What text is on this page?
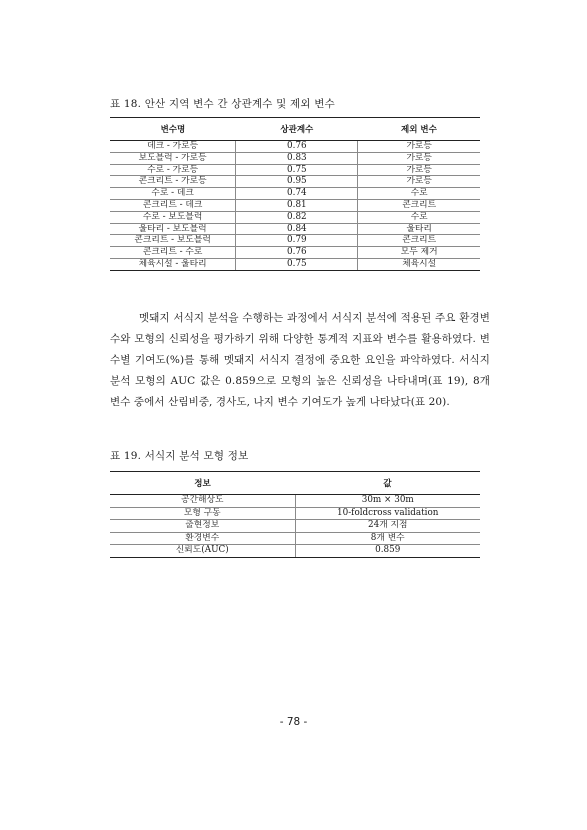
표 18. 안산 지역 변수 간 상관계수 및 제외 변수
변수명	상관계수	제외 변수
데크 - 가로등	0.76	가로등
보도블럭 - 가로등	0.83	가로등
수로 - 가로등	0.75	가로등
콘크리트 - 가로등	0.95	가로등
수로 - 데크	0.74	수로
콘크리트 - 데크	0.81	콘크리트
수로 - 보도블럭	0.82	수로
울타리 - 보도블럭	0.84	울타리
콘크리트 - 보도블럭	0.79	콘크리트
콘크리트 - 수로	0.76	모두 제거
체육시설 - 울타리	0.75	체육시설

멧돼지 서식지 분석을 수행하는 과정에서 서식지 분석에 적용된 주요 환경변수와 모형의 신뢰성을 평가하기 위해 다양한 통계적 지표와 변수를 활용하였다. 변수별 기여도(%)를 통해 멧돼지 서식지 결정에 중요한 요인을 파악하였다. 서식지 분석 모형의 AUC 값은 0.859으로 모형의 높은 신뢰성을 나타내며(표 19), 8개 변수 중에서 산림비중, 경사도, 나지 변수 기여도가 높게 나타났다(표 20).

표 19. 서식지 분석 모형 정보
정보	값
공간해상도	30m × 30m
모형 구동	10-foldcross validation
출현정보	24개 지점
환경변수	8개 변수
신뢰도(AUC)	0.859
- 78 -
